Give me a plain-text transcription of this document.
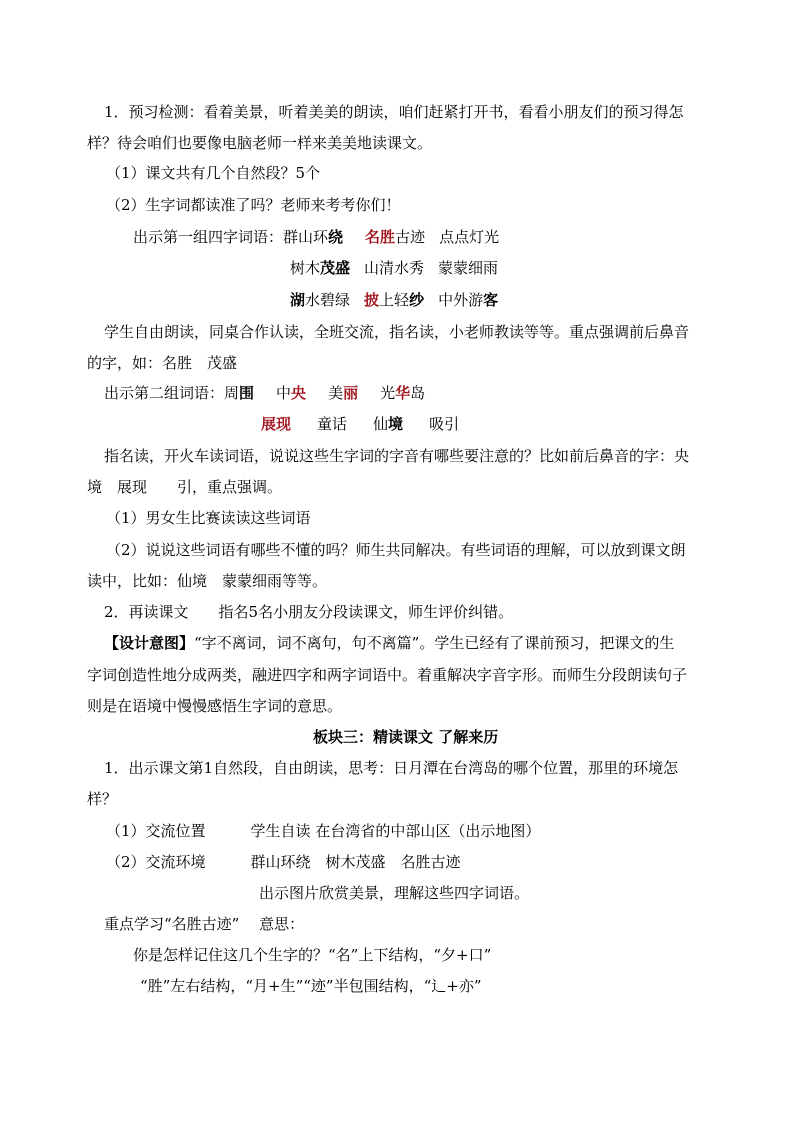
1．预习检测：看着美景，听着美美的朗读，咱们赶紧打开书，看看小朋友们的预习得怎
样？待会咱们也要像电脑老师一样来美美地读课文。
（1）课文共有几个自然段？5个
（2）生字词都读准了吗？老师来考考你们！
出示第一组四字词语：群山环绕 名胜古迹 点点灯光
树木茂盛 山清水秀 蒙蒙细雨
湖水碧绿 披上轻纱 中外游客
学生自由朗读，同桌合作认读，全班交流，指名读，小老师教读等等。重点强调前后鼻音
的字，如：名胜　茂盛
出示第二组词语：周围 中央 美丽 光华岛
展现 童话 仙境 吸引
指名读，开火车读词语，说说这些生字词的字音有哪些要注意的？比如前后鼻音的字：央
境　展现　　引，重点强调。
（1）男女生比赛读读这些词语
（2）说说这些词语有哪些不懂的吗？师生共同解决。有些词语的理解，可以放到课文朗
读中，比如：仙境　蒙蒙细雨等等。
2．再读课文　　指名5名小朋友分段读课文，师生评价纠错。
【设计意图】“字不离词，词不离句，句不离篇”。学生已经有了课前预习，把课文的生
字词创造性地分成两类，融进四字和两字词语中。着重解决字音字形。而师生分段朗读句子
则是在语境中慢慢感悟生字词的意思。
板块三：精读课文 了解来历
1．出示课文第1自然段，自由朗读，思考：日月潭在台湾岛的哪个位置，那里的环境怎
样？
（1）交流位置　　　学生自读 在台湾省的中部山区（出示地图）
（2）交流环境　　　群山环绕　树木茂盛　名胜古迹
出示图片欣赏美景，理解这些四字词语。
重点学习“名胜古迹”　 意思：
你是怎样记住这几个生字的？“名”上下结构，“夕+口”
“胜”左右结构，“月+生”“迹”半包围结构，“辶+亦”
